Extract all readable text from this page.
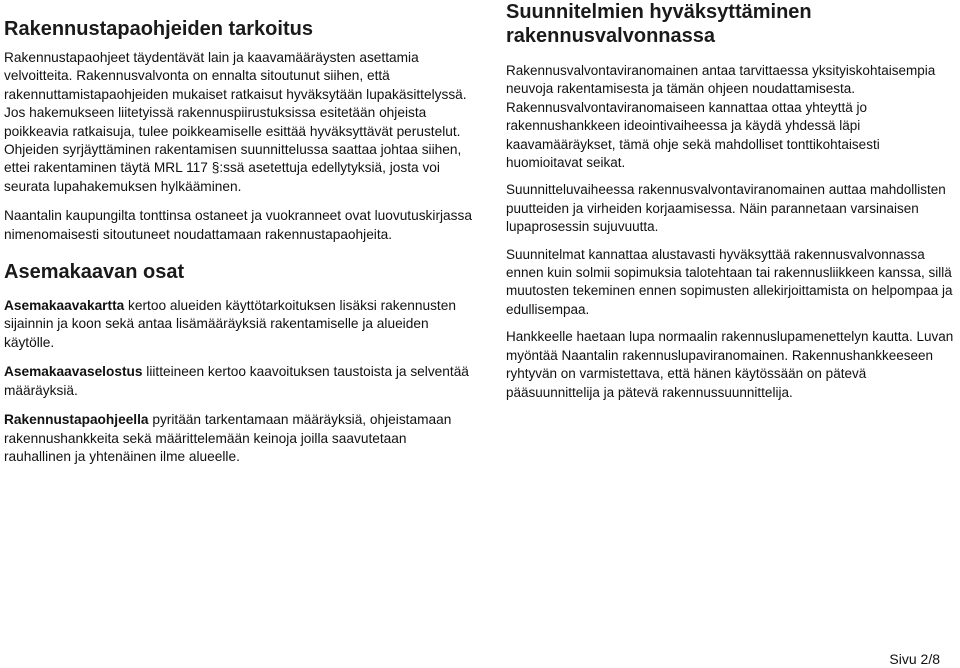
Rakennustapaohjeiden tarkoitus

Rakennustapaohjeet täydentävät lain ja kaavamääräysten asettamia velvoitteita. Rakennusvalvonta on ennalta sitoutunut siihen, että rakennuttamistapaohjeiden mukaiset ratkaisut hyväksytään lupakäsittelyssä. Jos hakemukseen liitetyissä rakennuspiirustuksissa esitetään ohjeista poikkeavia ratkaisuja, tulee poikkeamiselle esittää hyväksyttävät perustelut. Ohjeiden syrjäyttäminen rakentamisen suunnittelussa saattaa johtaa siihen, ettei rakentaminen täytä MRL 117 §:ssä asetettuja edellytyksiä, josta voi seurata lupahakemuksen hylkääminen.

Naantalin kaupungilta tonttinsa ostaneet ja vuokranneet ovat luovutuskirjassa nimenomaisesti sitoutuneet noudattamaan rakennustapaohjeita.

Asemakaavan osat

Asemakaavakartta kertoo alueiden käyttötarkoituksen lisäksi rakennusten sijainnin ja koon sekä antaa lisämääräyksiä rakentamiselle ja alueiden käytölle.

Asemakaavaselostus liitteineen kertoo kaavoituksen taustoista ja selventää määräyksiä.

Rakennustapaohjeella pyritään tarkentamaan määräyksiä, ohjeistamaan rakennushankkeita sekä määrittelemään keinoja joilla saavutetaan rauhallinen ja yhtenäinen ilme alueelle.

Suunnitelmien hyväksyttäminen rakennusvalvonnassa

Rakennusvalvontaviranomainen antaa tarvittaessa yksityiskohtaisempia neuvoja rakentamisesta ja tämän ohjeen noudattamisesta. Rakennusvalvontaviranomaiseen kannattaa ottaa yhteyttä jo rakennushankkeen ideointivaiheessa ja käydä yhdessä läpi kaavamääräykset, tämä ohje sekä mahdolliset tonttikohtaisesti huomioitavat seikat.

Suunnitteluvaiheessa rakennusvalvontaviranomainen auttaa mahdollisten puutteiden ja virheiden korjaamisessa. Näin parannetaan varsinaisen lupaprosessin sujuvuutta.

Suunnitelmat kannattaa alustavasti hyväksyttää rakennusvalvonnassa ennen kuin solmii sopimuksia talotehtaan tai rakennusliikkeen kanssa, sillä muutosten tekeminen ennen sopimusten allekirjoittamista on helpompaa ja edullisempaa.

Hankkeelle haetaan lupa normaalin rakennuslupamenettelyn kautta. Luvan myöntää Naantalin rakennuslupaviranomainen. Rakennushankkeeseen ryhtyvän on varmistettava, että hänen käytössään on pätevä pääsuunnittelija ja pätevä rakennussuunnittelija.

Sivu 2/8
